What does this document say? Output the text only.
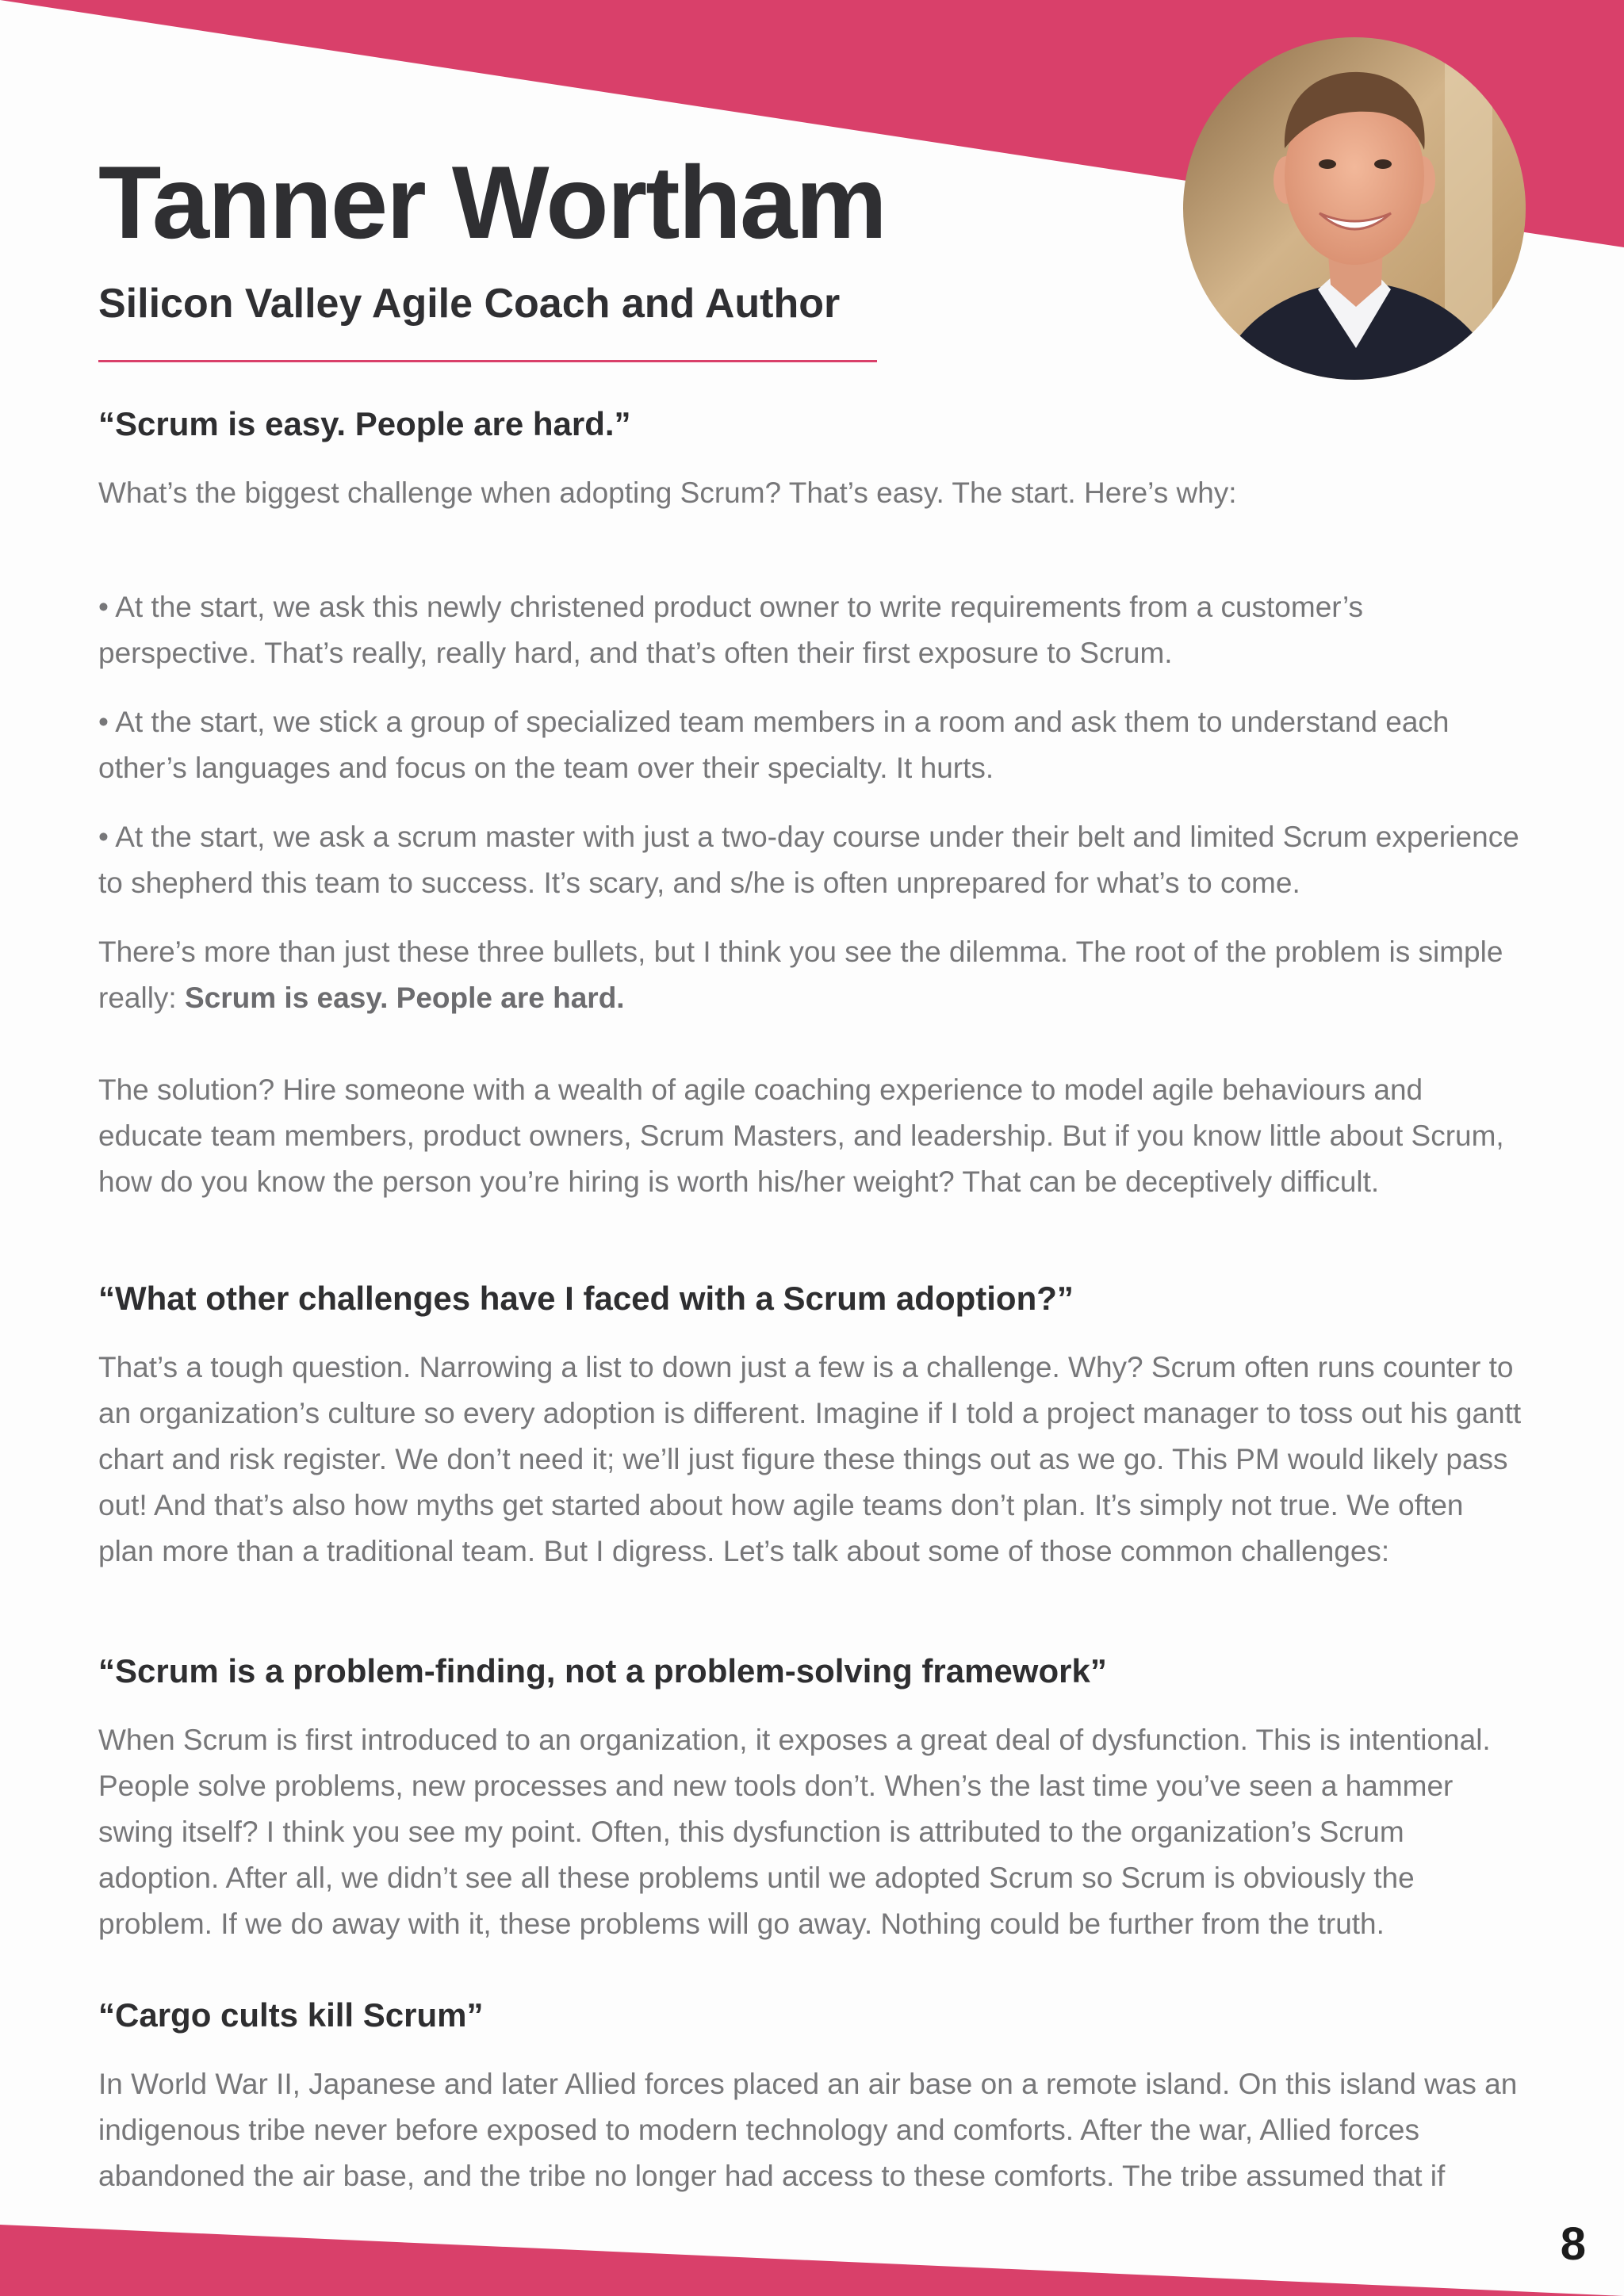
Tanner Wortham
Silicon Valley Agile Coach and Author
“Scrum is easy. People are hard.”

What’s the biggest challenge when adopting Scrum? That’s easy. The start. Here’s why:

• At the start, we ask this newly christened product owner to write requirements from a customer’s perspective. That’s really, really hard, and that’s often their first exposure to Scrum.

• At the start, we stick a group of specialized team members in a room and ask them to understand each other’s languages and focus on the team over their specialty. It hurts.

• At the start, we ask a scrum master with just a two-day course under their belt and limited Scrum experience to shepherd this team to success. It’s scary, and s/he is often unprepared for what’s to come.

There’s more than just these three bullets, but I think you see the dilemma. The root of the problem is simple really: Scrum is easy. People are hard.

The solution? Hire someone with a wealth of agile coaching experience to model agile behaviours and educate team members, product owners, Scrum Masters, and leadership. But if you know little about Scrum, how do you know the person you’re hiring is worth his/her weight? That can be deceptively difficult.

“What other challenges have I faced with a Scrum adoption?”

That’s a tough question. Narrowing a list to down just a few is a challenge. Why? Scrum often runs counter to an organization’s culture so every adoption is different. Imagine if I told a project manager to toss out his gantt chart and risk register. We don’t need it; we’ll just figure these things out as we go. This PM would likely pass out! And that’s also how myths get started about how agile teams don’t plan. It’s simply not true. We often plan more than a traditional team. But I digress. Let’s talk about some of those common challenges:

“Scrum is a problem-finding, not a problem-solving framework”

When Scrum is first introduced to an organization, it exposes a great deal of dysfunction. This is intentional. People solve problems, new processes and new tools don’t. When’s the last time you’ve seen a hammer swing itself? I think you see my point. Often, this dysfunction is attributed to the organization’s Scrum adoption. After all, we didn’t see all these problems until we adopted Scrum so Scrum is obviously the problem. If we do away with it, these problems will go away. Nothing could be further from the truth.

“Cargo cults kill Scrum”

In World War II, Japanese and later Allied forces placed an air base on a remote island. On this island was an indigenous tribe never before exposed to modern technology and comforts. After the war, Allied forces abandoned the air base, and the tribe no longer had access to these comforts. The tribe assumed that if

8
